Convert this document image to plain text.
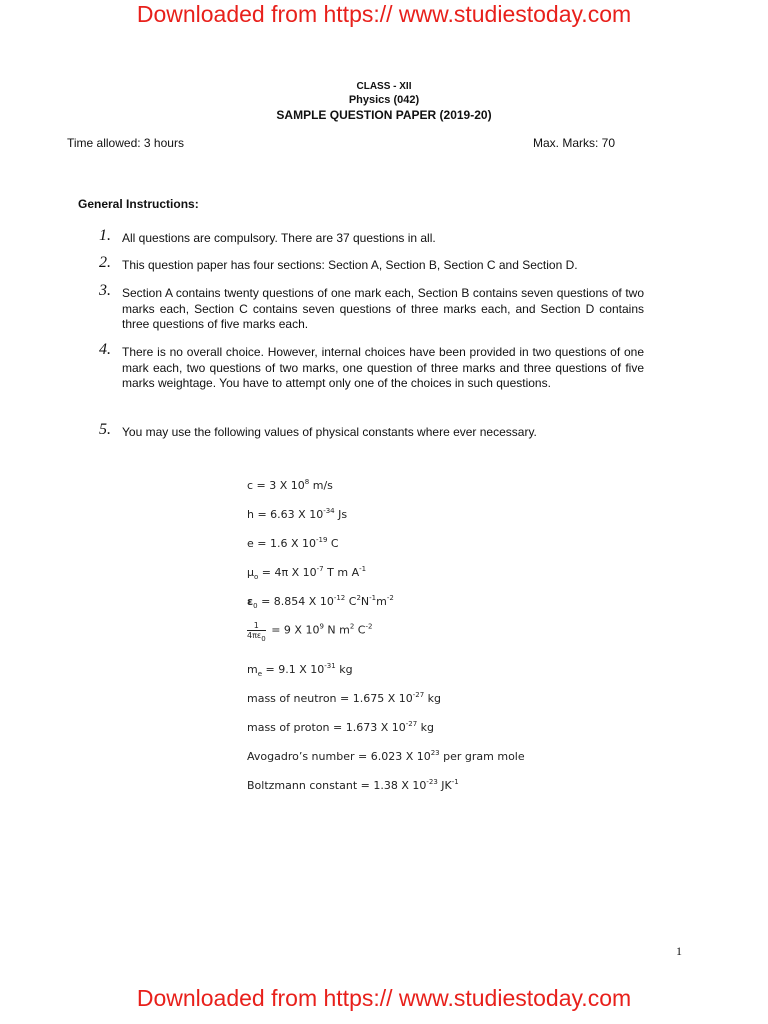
Downloaded from https:// www.studiestoday.com
CLASS - XII
Physics (042)
SAMPLE QUESTION PAPER (2019-20)
Time allowed: 3 hours	Max. Marks: 70
General Instructions:
1. All questions are compulsory. There are 37 questions in all.
2. This question paper has four sections: Section A, Section B, Section C and Section D.
3. Section A contains twenty questions of one mark each, Section B contains seven questions of two marks each, Section C contains seven questions of three marks each, and Section D contains three questions of five marks each.
4. There is no overall choice. However, internal choices have been provided in two questions of one mark each, two questions of two marks, one question of three marks and three questions of five marks weightage. You have to attempt only one of the choices in such questions.
5. You may use the following values of physical constants where ever necessary.
c = 3 X $10^8$ m/s
h = 6.63 X $10^{-34}$ Js
e = 1.6 X $10^{-19}$ C
$\mu_o = 4\pi$ X $10^{-7}$ T m $A^{-1}$
$\varepsilon_0 = 8.854$ X $10^{-12}$ $C^2N^{-1}m^{-2}$
$\frac{1}{4\pi\varepsilon_0} = 9$ X $10^9$ N $m^2$ $C^{-2}$
$m_e = 9.1$ X $10^{-31}$ kg
mass of neutron = 1.675 X $10^{-27}$ kg
mass of proton = 1.673 X $10^{-27}$ kg
Avogadro’s number = 6.023 X $10^{23}$ per gram mole
Boltzmann constant = 1.38 X $10^{-23}$ $JK^{-1}$
1
Downloaded from https:// www.studiestoday.com
